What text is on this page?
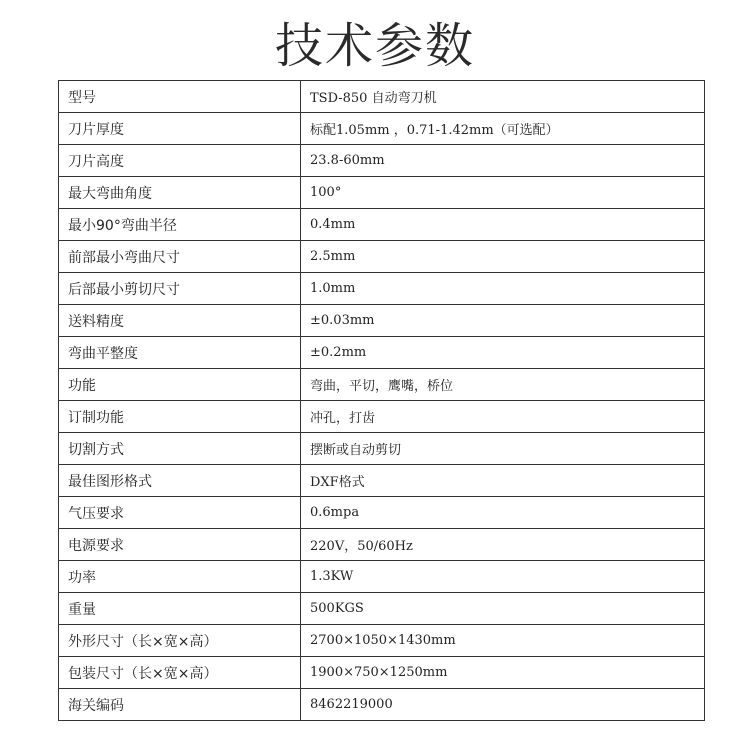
技术参数
型号	TSD-850 自动弯刀机
刀片厚度	标配1.05mm ，0.71-1.42mm（可选配）
刀片高度	23.8-60mm
最大弯曲角度	100°
最小90°弯曲半径	0.4mm
前部最小弯曲尺寸	2.5mm
后部最小剪切尺寸	1.0mm
送料精度	±0.03mm
弯曲平整度	±0.2mm
功能	弯曲，平切，鹰嘴，桥位
订制功能	冲孔，打齿
切割方式	摆断或自动剪切
最佳图形格式	DXF格式
气压要求	0.6mpa
电源要求	220V，50/60Hz
功率	1.3KW
重量	500KGS
外形尺寸（长×宽×高）	2700×1050×1430mm
包装尺寸（长×宽×高）	1900×750×1250mm
海关编码	8462219000
